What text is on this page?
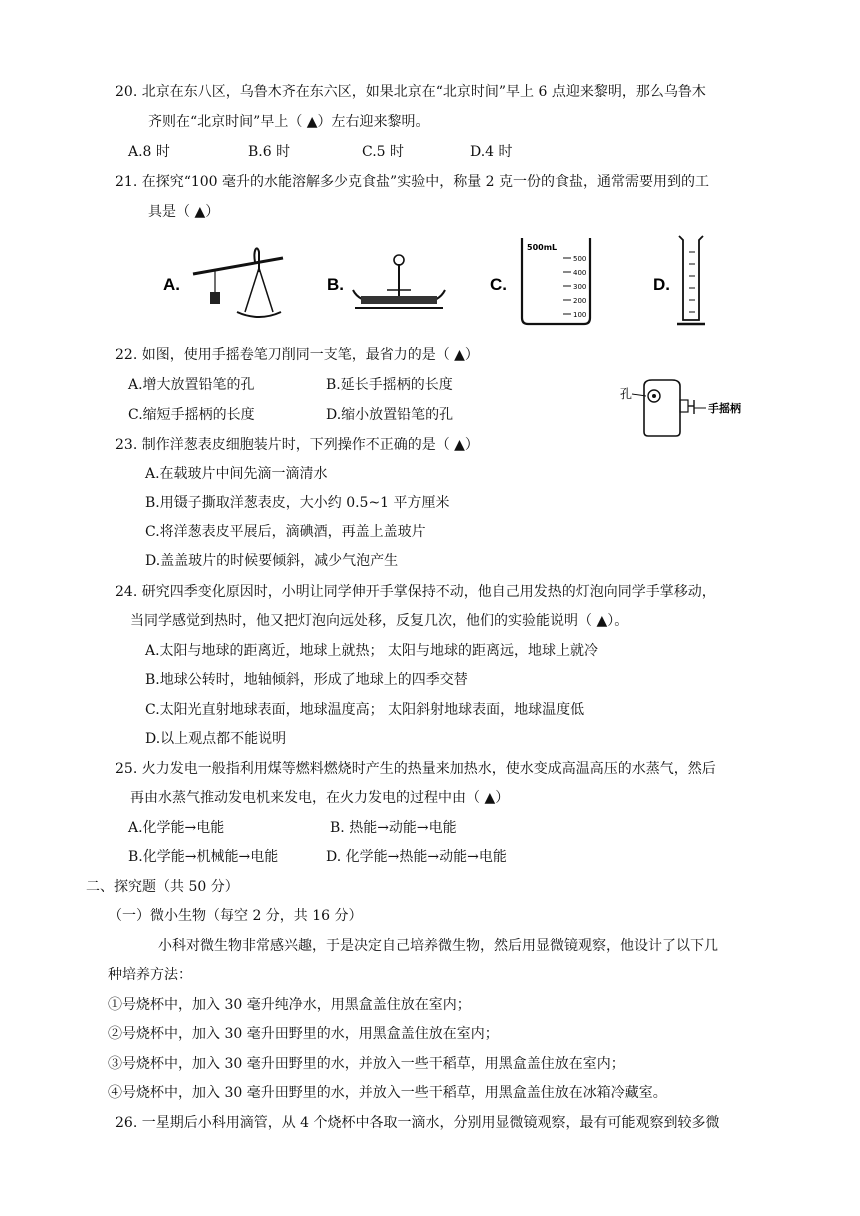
20. 北京在东八区，乌鲁木齐在东六区，如果北京在“北京时间”早上 6 点迎来黎明，那么乌鲁木
齐则在“北京时间”早上（ ▲）左右迎来黎明。
A.8 时	B.6 时	C.5 时	D.4 时
21. 在探究“100 毫升的水能溶解多少克食盐”实验中，称量 2 克一份的食盐，通常需要用到的工
具是（ ▲）
A.	B.	C.
500mL
500
400
300
200
100
D.
22. 如图，使用手摇卷笔刀削同一支笔，最省力的是（ ▲）
A.增大放置铅笔的孔	B.延长手摇柄的长度
C.缩短手摇柄的长度	D.缩小放置铅笔的孔
孔
手摇柄
23. 制作洋葱表皮细胞装片时，下列操作不正确的是（ ▲）
A.在载玻片中间先滴一滴清水
B.用镊子撕取洋葱表皮，大小约 0.5~1 平方厘米
C.将洋葱表皮平展后，滴碘酒，再盖上盖玻片
D.盖盖玻片的时候要倾斜，减少气泡产生
24. 研究四季变化原因时，小明让同学伸开手掌保持不动，他自己用发热的灯泡向同学手掌移动，
当同学感觉到热时，他又把灯泡向远处移，反复几次，他们的实验能说明（ ▲）。
A.太阳与地球的距离近，地球上就热； 太阳与地球的距离远，地球上就冷
B.地球公转时，地轴倾斜，形成了地球上的四季交替
C.太阳光直射地球表面，地球温度高； 太阳斜射地球表面，地球温度低
D.以上观点都不能说明
25. 火力发电一般指利用煤等燃料燃烧时产生的热量来加热水，使水变成高温高压的水蒸气，然后
再由水蒸气推动发电机来发电，在火力发电的过程中由（ ▲）
A.化学能→电能	B. 热能→动能→电能
B.化学能→机械能→电能	D. 化学能→热能→动能→电能
二、探究题（共 50 分）
（一）微小生物（每空 2 分，共 16 分）
小科对微生物非常感兴趣，于是决定自己培养微生物，然后用显微镜观察，他设计了以下几
种培养方法：
①号烧杯中，加入 30 毫升纯净水，用黑盒盖住放在室内；
②号烧杯中，加入 30 毫升田野里的水，用黑盒盖住放在室内；
③号烧杯中，加入 30 毫升田野里的水，并放入一些干稻草，用黑盒盖住放在室内；
④号烧杯中，加入 30 毫升田野里的水，并放入一些干稻草，用黑盒盖住放在冰箱冷藏室。
26. 一星期后小科用滴管，从 4 个烧杯中各取一滴水，分别用显微镜观察，最有可能观察到较多微
